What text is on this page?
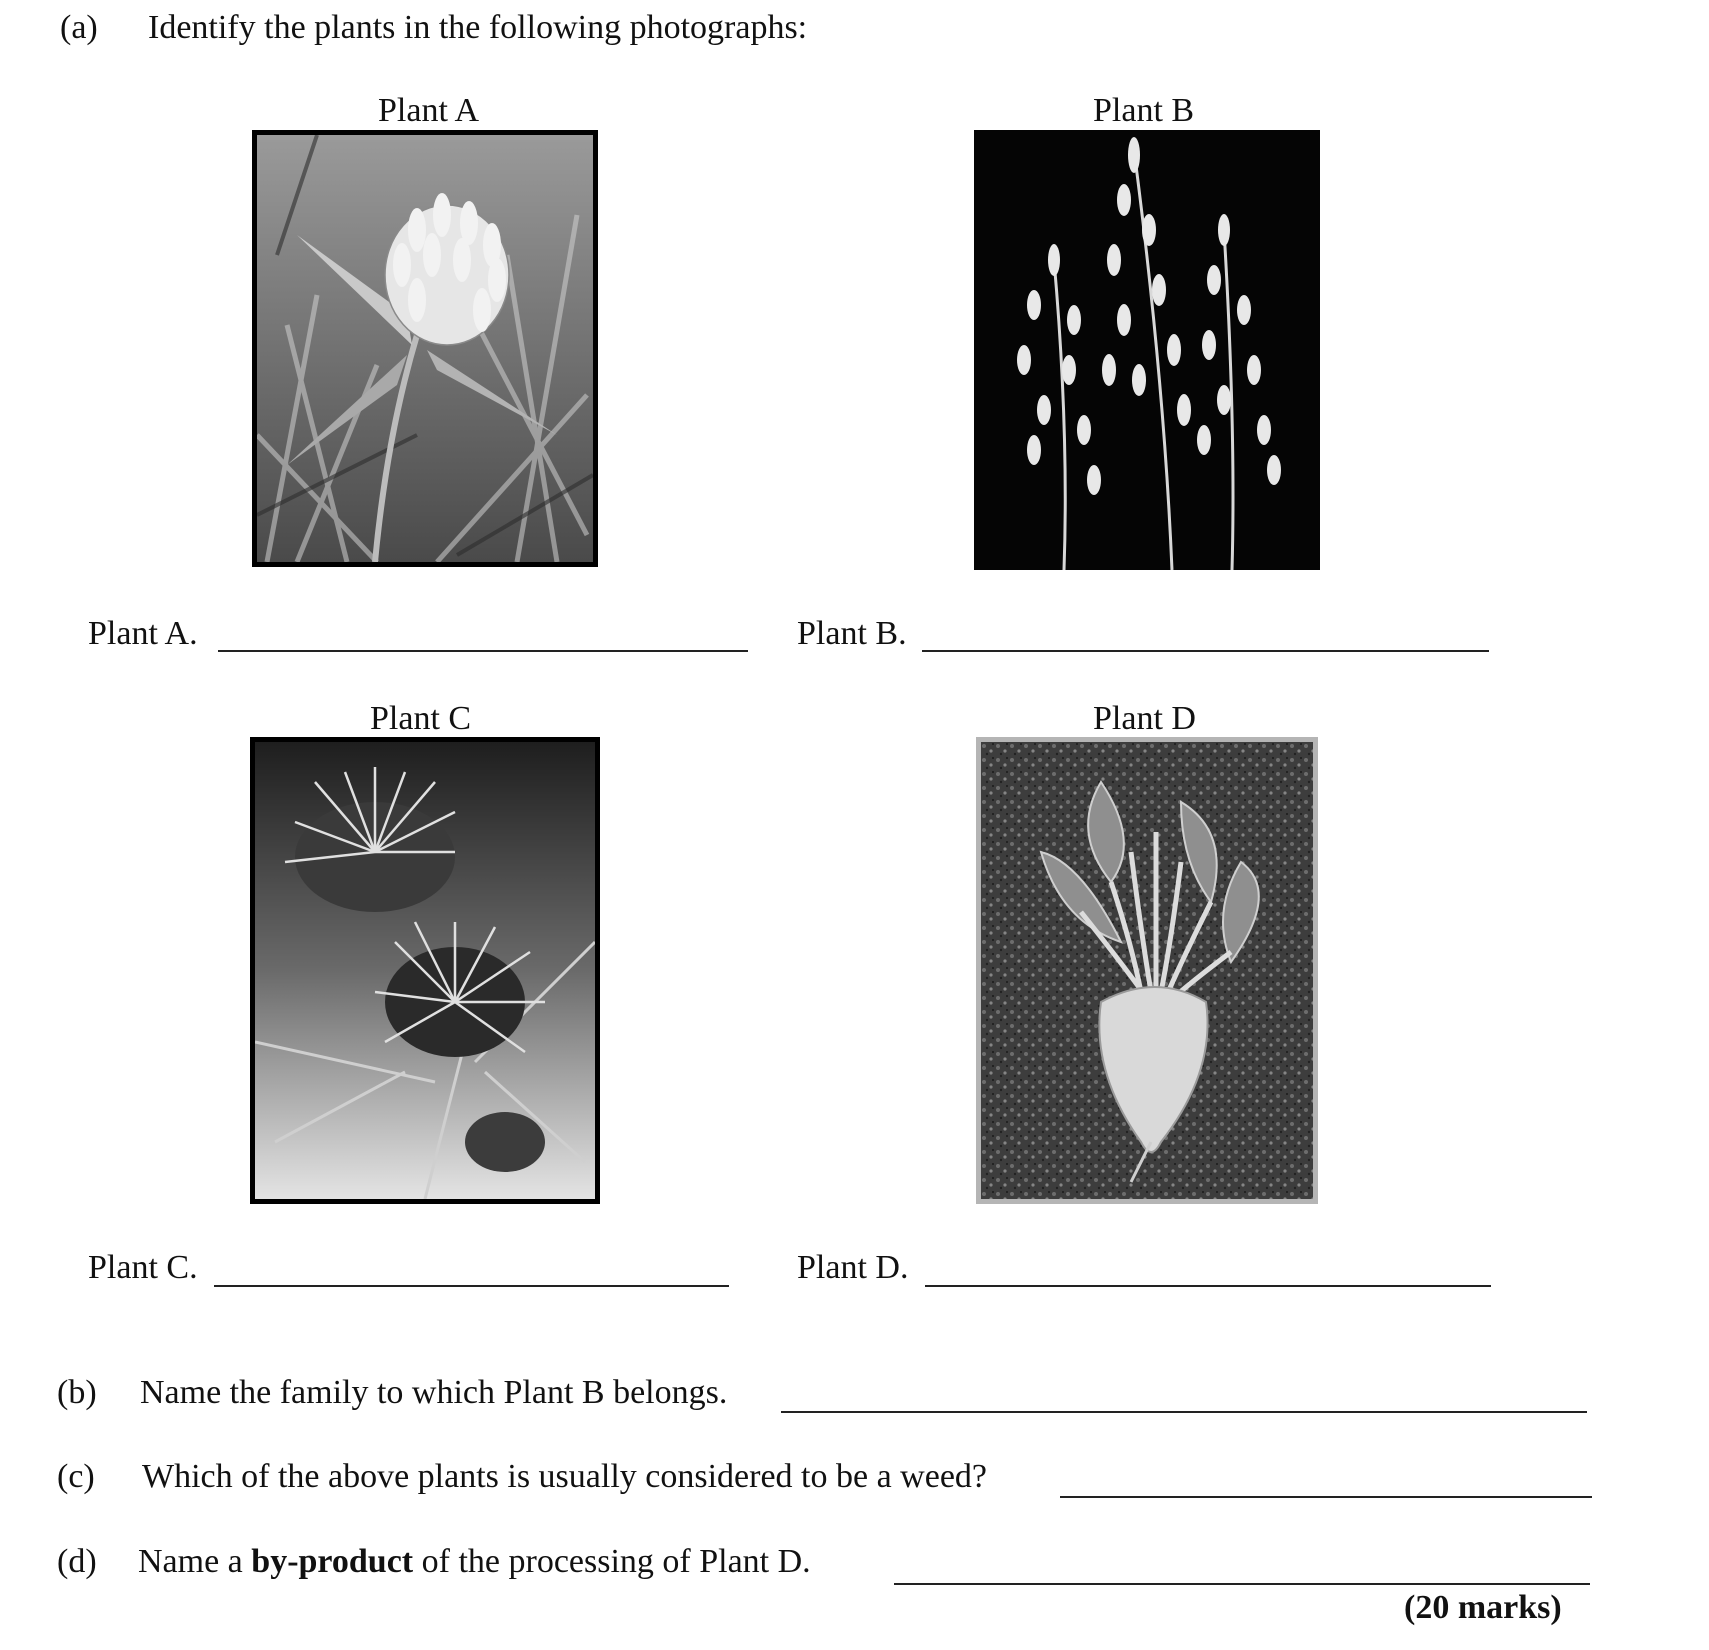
(a) Identify the plants in the following photographs:
Plant A	Plant B
Plant A.	Plant B.
Plant C	Plant D
Plant C.	Plant D.
(b) Name the family to which Plant B belongs.
(c) Which of the above plants is usually considered to be a weed?
(d) Name a by-product of the processing of Plant D.
(20 marks)
